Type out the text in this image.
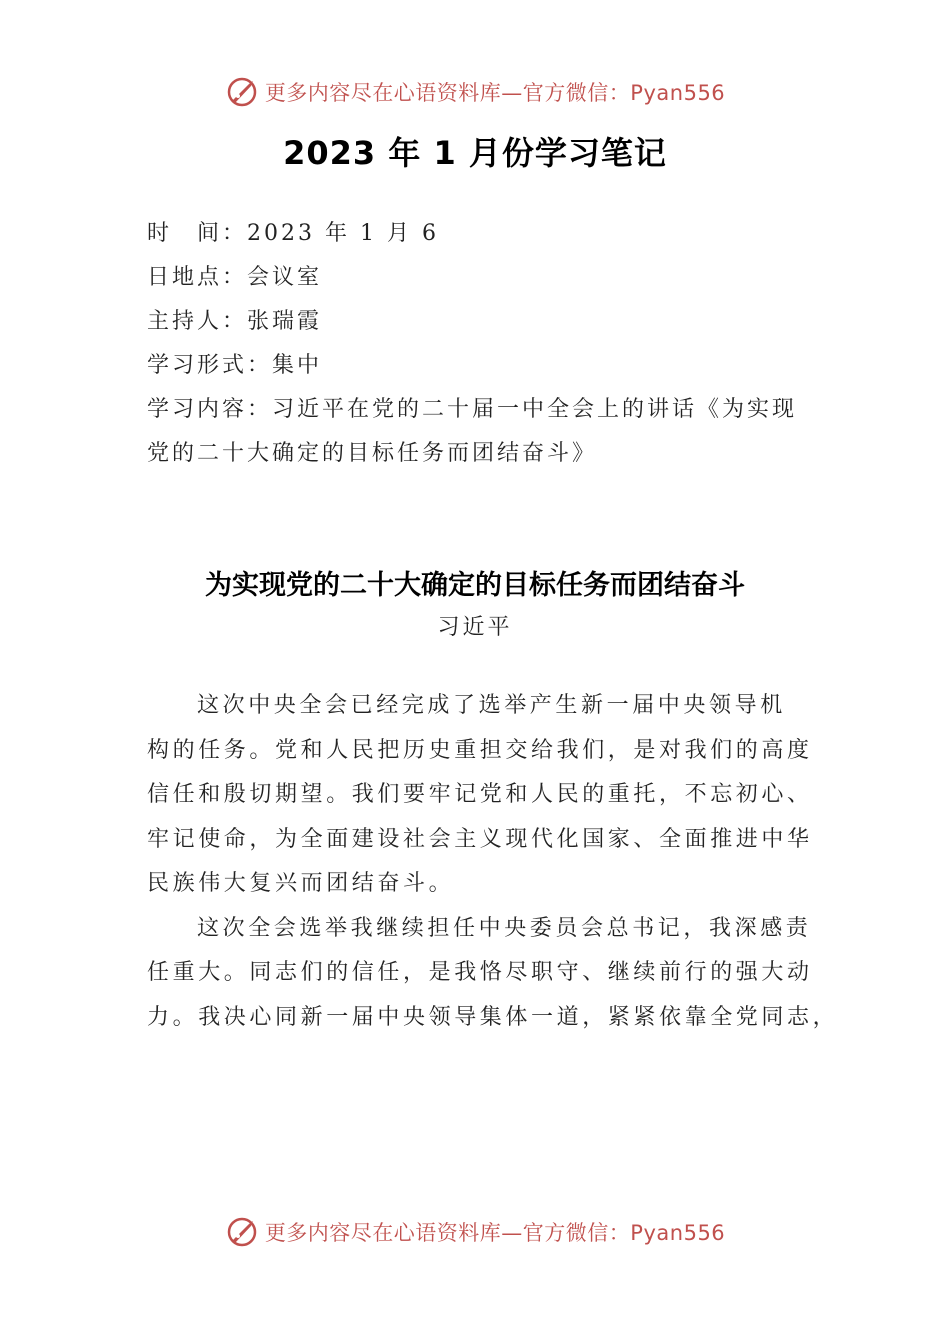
更多内容尽在心语资料库—官方微信：Pyan556
2023 年 1 月份学习笔记
时　间：2023 年 1 月 6
日地点：会议室
主持人：张瑞霞
学习形式：集中
学习内容：习近平在党的二十届一中全会上的讲话《为实现
党的二十大确定的目标任务而团结奋斗》
为实现党的二十大确定的目标任务而团结奋斗
习近平
这次中央全会已经完成了选举产生新一届中央领导机
构的任务。党和人民把历史重担交给我们，是对我们的高度
信任和殷切期望。我们要牢记党和人民的重托，不忘初心、
牢记使命，为全面建设社会主义现代化国家、全面推进中华
民族伟大复兴而团结奋斗。
这次全会选举我继续担任中央委员会总书记，我深感责
任重大。同志们的信任，是我恪尽职守、继续前行的强大动
力。我决心同新一届中央领导集体一道，紧紧依靠全党同志，
更多内容尽在心语资料库—官方微信：Pyan556
